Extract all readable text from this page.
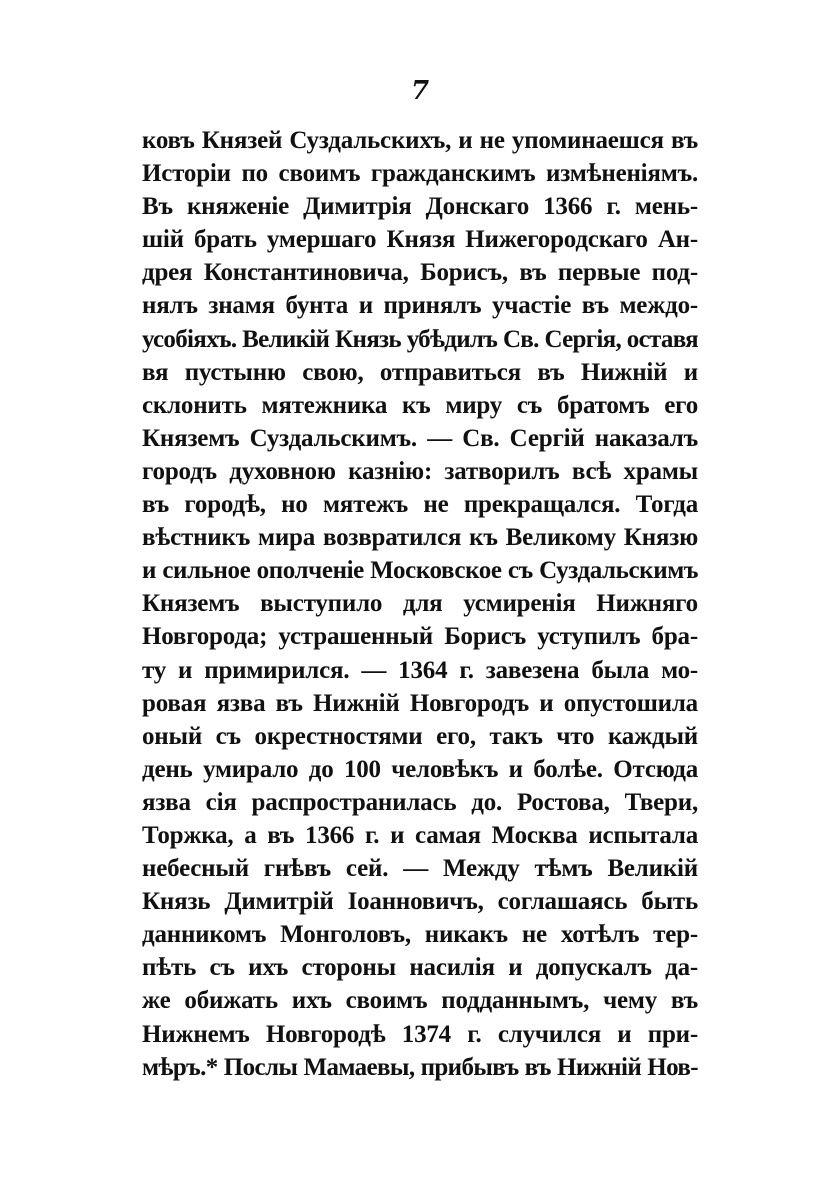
7
ковъ Князей Суздальскихъ, и не упоминаешся въ
Исторіи по своимъ гражданскимъ измѣненіямъ.
Въ княженіе Димитрія Донскаго 1366 г. мень-
шій брать умершаго Князя Нижегородскаго Ан-
дрея Константиновича, Борисъ, въ первые под-
нялъ знамя бунта и принялъ участіе въ междо-
усобіяхъ. Великій Князь убѣдилъ Св. Сергія, оставя
вя пустыню свою, отправиться въ Нижній и
склонить мятежника къ миру съ братомъ его
Княземъ Суздальскимъ. — Св. Сергій наказалъ
городъ духовною казнію: затворилъ всѣ храмы
въ городѣ, но мятежъ не прекращался. Тогда
вѣстникъ мира возвратился къ Великому Князю
и сильное ополченіе Московское съ Суздальскимъ
Княземъ выступило для усмиренія Нижняго
Новгорода; устрашенный Борисъ уступилъ бра-
ту и примирился. — 1364 г. завезена была мо-
ровая язва въ Нижній Новгородъ и опустошила
оный съ окрестностями его, такъ что каждый
день умирало до 100 человѣкъ и болѣе. Отсюда
язва сія распространилась до. Ростова, Твери,
Торжка, а въ 1366 г. и самая Москва испытала
небесный гнѣвъ сей. — Между тѣмъ Великій
Князь Димитрій Іоанновичъ, соглашаясь быть
данникомъ Монголовъ, никакъ не хотѣлъ тер-
пѣть съ ихъ стороны насилія и допускалъ да-
же обижать ихъ своимъ подданнымъ, чему въ
Нижнемъ Новгородѣ 1374 г. случился и при-
мѣръ.* Послы Мамаевы, прибывъ въ Нижній Нов-
